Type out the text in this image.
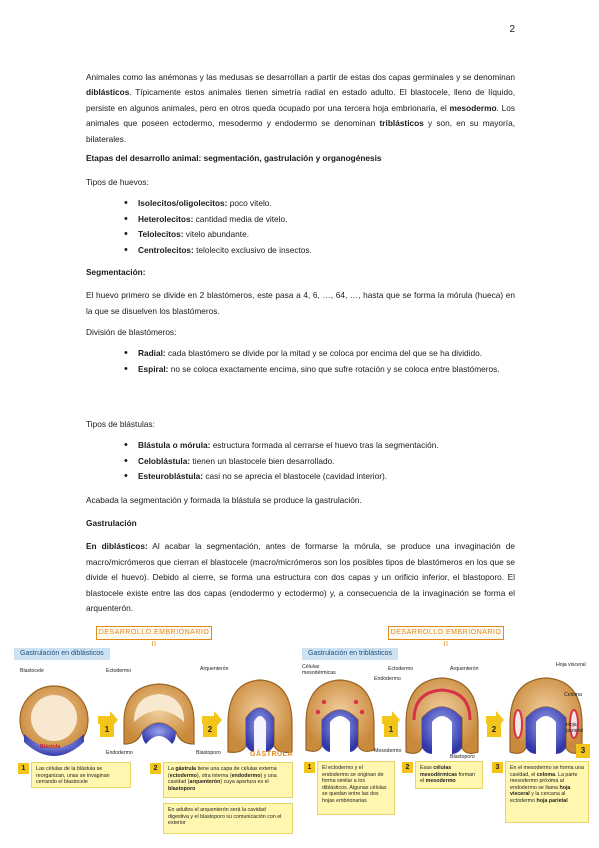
2

Animales como las anémonas y las medusas se desarrollan a partir de estas dos capas germinales y se denominan diblásticos. Típicamente estos animales tienen simetría radial en estado adulto. El blastocele, lleno de líquido, persiste en algunos animales, pero en otros queda ocupado por una tercera hoja embrionaria, el mesodermo. Los animales que poseen ectodermo, mesodermo y endodermo se denominan triblásticos y son, en su mayoría, bilaterales.

Etapas del desarrollo animal: segmentación, gastrulación y organogénesis

Tipos de huevos:

• Isolecitos/oligolecitos: poco vitelo.
• Heterolecitos: cantidad media de vitelo.
• Telolecitos: vitelo abundante.
• Centrolecitos: telolecito exclusivo de insectos.

Segmentación:

El huevo primero se divide en 2 blastómeros, este pasa a 4, 6, …, 64, …, hasta que se forma la mórula (hueca) en la que se disuelven los blastómeros.

División de blastómeros:

• Radial: cada blastómero se divide por la mitad y se coloca por encima del que se ha dividido.
• Espiral: no se coloca exactamente encima, sino que sufre rotación y se coloca entre blastómeros.

Tipos de blástulas:

• Blástula o mórula: estructura formada al cerrarse el huevo tras la segmentación.
• Celoblástula: tienen un blastocele bien desarrollado.
• Esteuroblástula: casi no se aprecia el blastocele (cavidad interior).

Acabada la segmentación y formada la blástula se produce la gastrulación.

Gastrulación

En diblásticos: Al acabar la segmentación, antes de formarse la mórula, se produce una invaginación de macro/micrómeros que cierran el blastocele (macro/micrómeros son los posibles tipos de blastómeros en los que se divide el huevo). Debido al cierre, se forma una estructura con dos capas y un orificio inferior, el blastoporo. El blastocele existe entre las dos capas (endodermo y ectodermo) y, a consecuencia de la invaginación se forma el arquenterón.

DESARROLLO EMBRIONARIO II
Gastrulación en diblásticos
Blastocele	Ectodermo	Arquenterón
Blástula
Endodermo	Blastoporo	GÁSTRULA
1	2
1	Las células de la blástula se reorganizan, unas se invaginan cerrando el blastocele
2	La gástrula tiene una capa de células externa (ectodermo), otra interna (endodermo) y una cavidad (arquenterón) cuya apertura es el blastoporo
En adultos el arquenterón será la cavidad digestiva y el blastoporo su comunicación con el exterior
DESARROLLO EMBRIONARIO II
Gastrulación en triblásticos
Células mesodérmicas
Ectodermo	Arquenterón
Endodermo
Hoja visceral
Celoma
Hoja parietal
Mesodermo
Blastoporo
1	2
3
1	El ectodermo y el endodermo se originan de forma similar a los diblásticos. Algunas células se quedan entre las dos hojas embrionarias
2	Esas células mesodérmicas forman el mesodermo
3	En el mesodermo se forma una cavidad, el celoma. La parte mesodermo próxima al endodermo se llama hoja visceral y la cercana al ectodermo hoja parietal
